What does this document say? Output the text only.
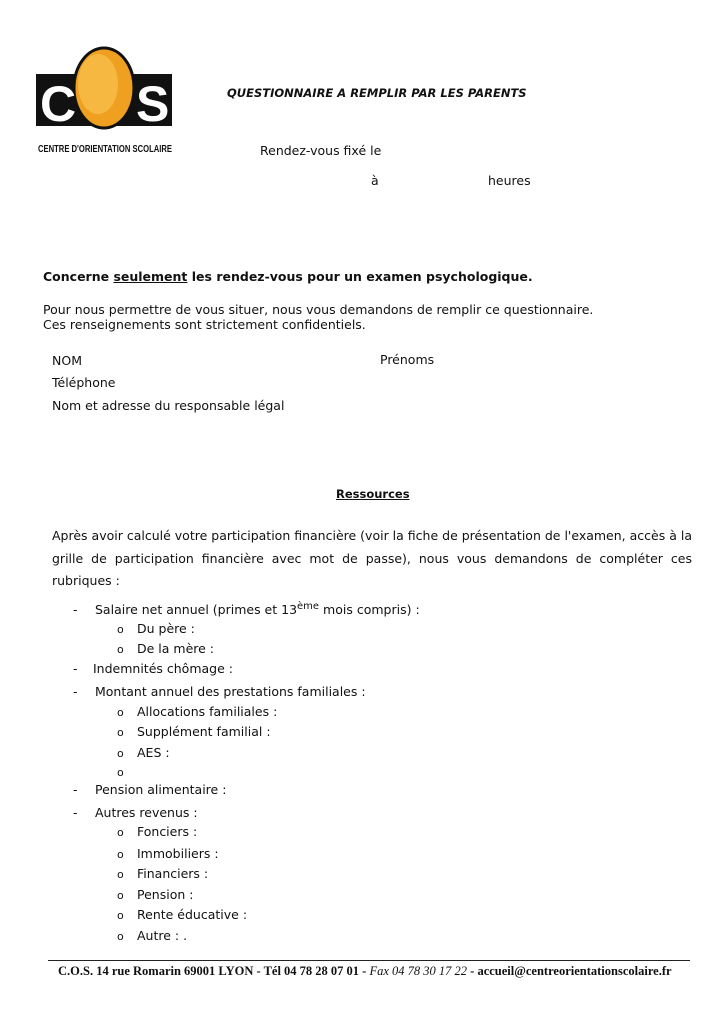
C S
CENTRE D'ORIENTATION SCOLAIRE
QUESTIONNAIRE A REMPLIR PAR LES PARENTS
Rendez-vous fixé le
à	heures
Concerne seulement les rendez-vous pour un examen psychologique.
Pour nous permettre de vous situer, nous vous demandons de remplir ce questionnaire.
Ces renseignements sont strictement confidentiels.
NOM	Prénoms
Téléphone
Nom et adresse du responsable légal
Ressources
Après avoir calculé votre participation financière (voir la fiche de présentation de l'examen, accès à la grille de participation financière avec mot de passe), nous vous demandons de compléter ces rubriques :
- Salaire net annuel (primes et 13ème mois compris) :
o Du père :
o De la mère :
- Indemnités chômage :
- Montant annuel des prestations familiales :
o Allocations familiales :
o Supplément familial :
o AES :
o
- Pension alimentaire :
- Autres revenus :
o Fonciers :
o Immobiliers :
o Financiers :
o Pension :
o Rente éducative :
o Autre : .
C.O.S. 14 rue Romarin 69001 LYON - Tél 04 78 28 07 01 - Fax 04 78 30 17 22 - accueil@centreorientationscolaire.fr
